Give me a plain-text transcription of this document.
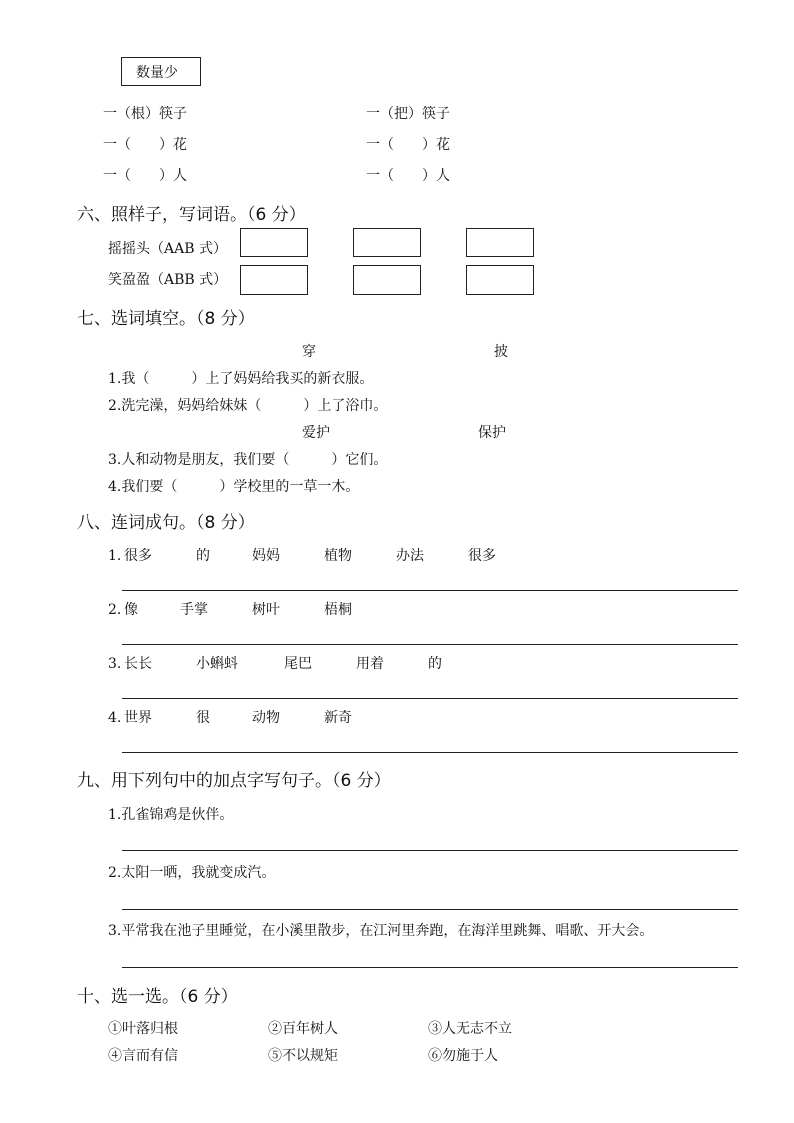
数量少
一（根）筷子	一（把）筷子
一（　　）花	一（　　）花
一（　　）人	一（　　）人
六、照样子，写词语。（6 分）
摇摇头（AAB 式）
笑盈盈（ABB 式）
七、选词填空。（8 分）
穿	披
1.我（　　　）上了妈妈给我买的新衣服。
2.洗完澡，妈妈给妹妹（　　　）上了浴巾。
爱护	保护
3.人和动物是朋友，我们要（　　　）它们。
4.我们要（　　　）学校里的一草一木。
八、连词成句。（8 分）
1. 很多	的	妈妈	植物	办法	很多
2. 像	手掌	树叶	梧桐
3. 长长	小蝌蚪	尾巴	用着	的
4. 世界	很	动物	新奇
九、用下列句中的加点字写句子。（6 分）
1.孔雀锦鸡是伙伴。
2.太阳一晒，我就变成汽。
3.平常我在池子里睡觉，在小溪里散步，在江河里奔跑，在海洋里跳舞、唱歌、开大会。
十、选一选。（6 分）
①叶落归根	②百年树人	③人无志不立
④言而有信	⑤不以规矩	⑥勿施于人
